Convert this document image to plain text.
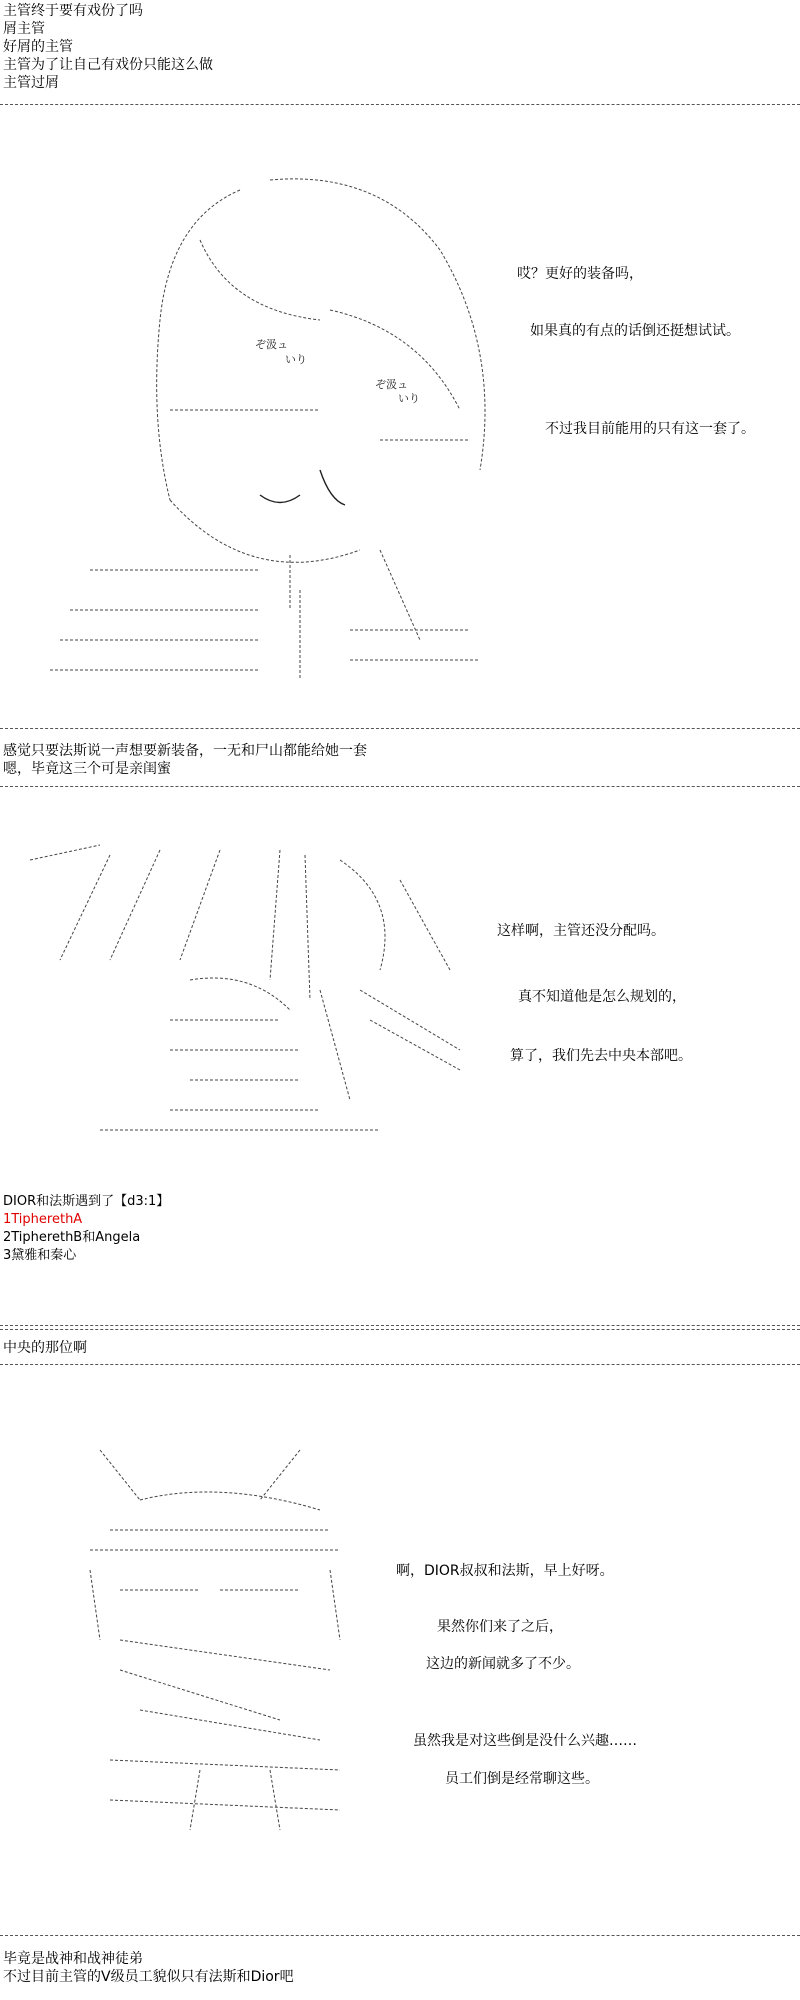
主管终于要有戏份了吗

屑主管

好屑的主管

主管为了让自己有戏份只能这么做

主管过屑

ぞ汲ュ

いり

ぞ汲ュ

いり

哎？更好的装备吗，
如果真的有点的话倒还挺想试试。
不过我目前能用的只有这一套了。

感觉只要法斯说一声想要新装备，一无和尸山都能给她一套

嗯，毕竟这三个可是亲闺蜜

这样啊，主管还没分配吗。
真不知道他是怎么规划的，
算了，我们先去中央本部吧。

DIOR和法斯遇到了【d3:1】

1TipherethA

2TipherethB和Angela

3黛雅和秦心

中央的那位啊

啊，DIOR叔叔和法斯，早上好呀。
果然你们来了之后，
这边的新闻就多了不少。
虽然我是对这些倒是没什么兴趣……
员工们倒是经常聊这些。

毕竟是战神和战神徒弟

不过目前主管的V级员工貌似只有法斯和Dior吧
